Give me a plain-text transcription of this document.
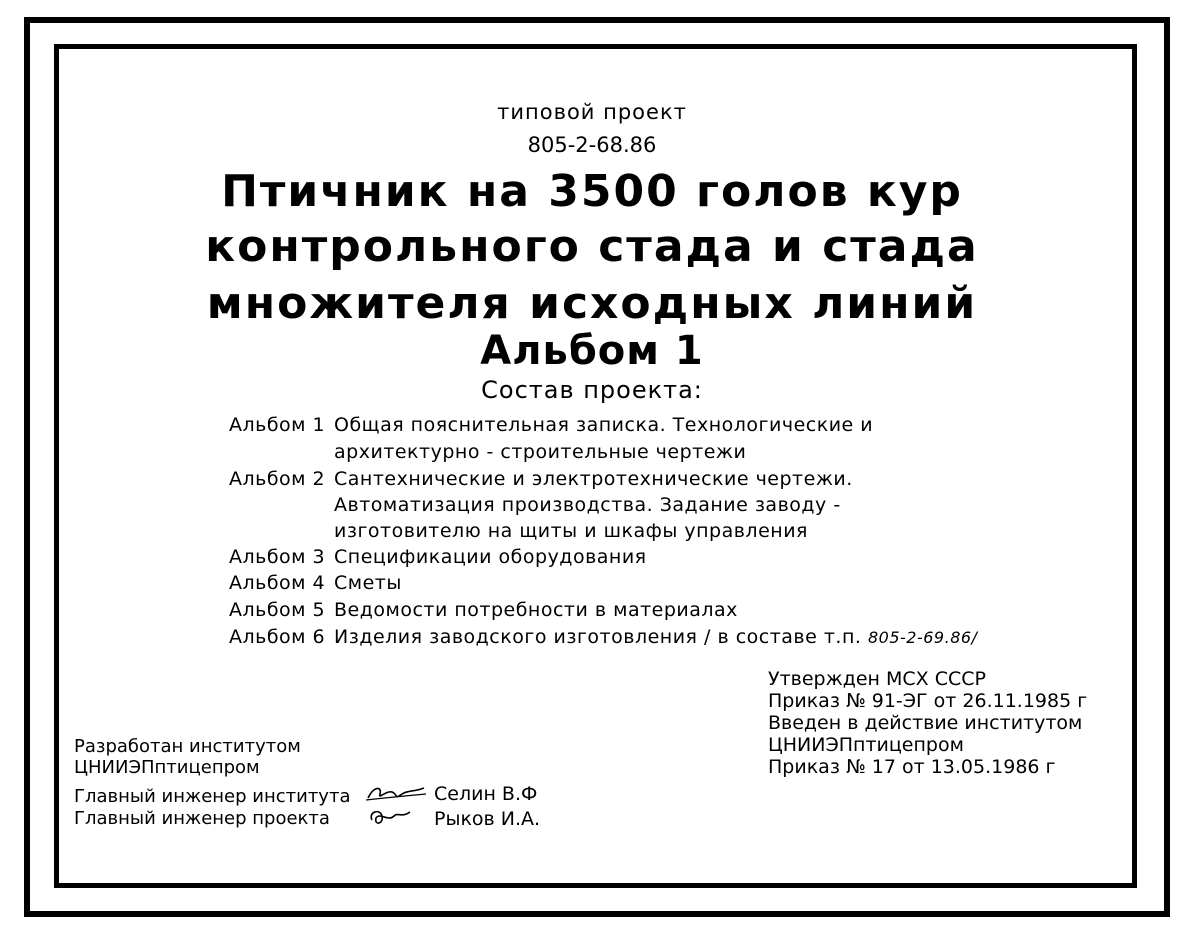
типовой проект
805-2-68.86
Птичник на 3500 голов кур
контрольного стада и стада
множителя исходных линий
Альбом 1
Состав проекта:
Альбом 1 Общая пояснительная записка. Технологические и
архитектурно - строительные чертежи
Альбом 2 Сантехнические и электротехнические чертежи.
Автоматизация производства. Задание заводу -
изготовителю на щиты и шкафы управления
Альбом 3 Спецификации оборудования
Альбом 4 Сметы
Альбом 5 Ведомости потребности в материалах
Альбом 6 Изделия заводского изготовления / в составе т.п. 805-2-69.86/
Утвержден МСХ СССР
Приказ № 91-ЭГ от 26.11.1985 г
Введен в действие институтом
ЦНИИЭПптицепром
Приказ № 17 от 13.05.1986 г
Разработан институтом
ЦНИИЭПптицепром
Главный инженер института	Селин В.Ф
Главный инженер проекта	Рыков И.А.
